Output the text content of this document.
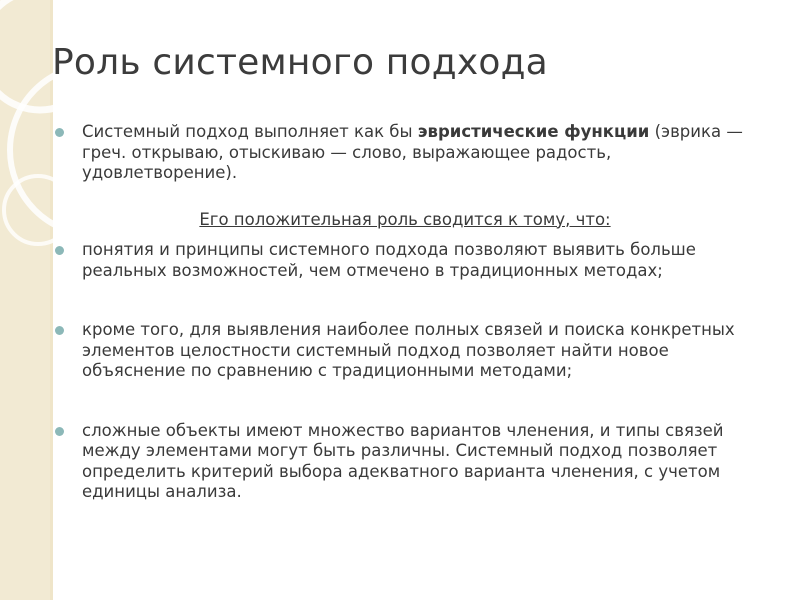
Роль системного подхода
Системный подход выполняет как бы эвристические функции (эврика — греч. открываю, отыскиваю — слово, выражающее радость, удовлетворение).
Его положительная роль сводится к тому, что:
понятия и принципы системного подхода позволяют выявить больше реальных возможностей, чем отмечено в традиционных методах;
кроме того, для выявления наиболее полных связей и поиска конкретных элементов целостности системный подход позволяет найти новое объяснение по сравнению с традиционными методами;
сложные объекты имеют множество вариантов членения, и типы связей между элементами могут быть различны. Системный подход позволяет определить критерий выбора адекватного варианта членения, с учетом единицы анализа.
